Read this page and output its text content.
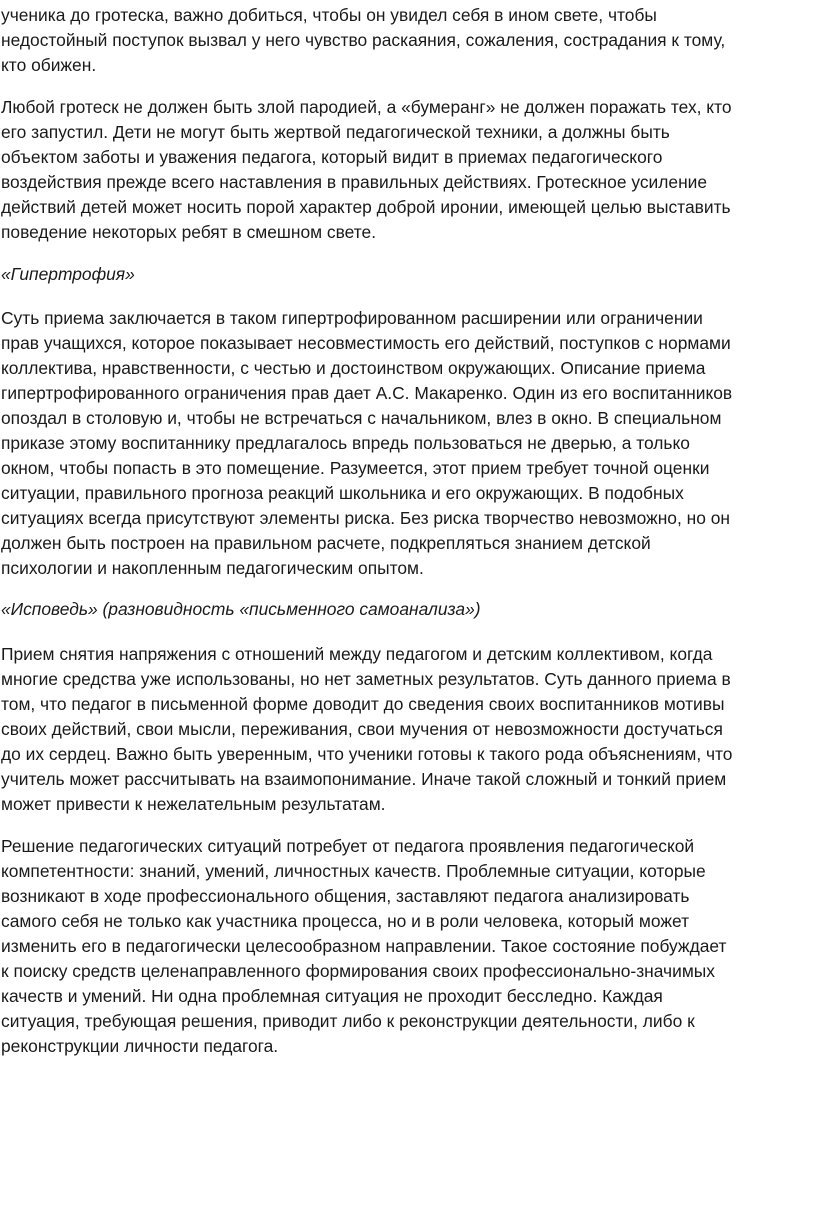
ученика до гротеска, важно добиться, чтобы он увидел себя в ином свете, чтобы
недостойный поступок вызвал у него чувство раскаяния, сожаления, сострадания к тому,
кто обижен.

Любой гротеск не должен быть злой пародией, а «бумеранг» не должен поражать тех, кто
его запустил. Дети не могут быть жертвой педагогической техники, а должны быть
объектом заботы и уважения педагога, который видит в приемах педагогического
воздействия прежде всего наставления в правильных действиях. Гротескное усиление
действий детей может носить порой характер доброй иронии, имеющей целью выставить
поведение некоторых ребят в смешном свете.

«Гипертрофия»

Суть приема заключается в таком гипертрофированном расширении или ограничении
прав учащихся, которое показывает несовместимость его действий, поступков с нормами
коллектива, нравственности, с честью и достоинством окружающих. Описание приема
гипертрофированного ограничения прав дает А.С. Макаренко. Один из его воспитанников
опоздал в столовую и, чтобы не встречаться с начальником, влез в окно. В специальном
приказе этому воспитаннику предлагалось впредь пользоваться не дверью, а только
окном, чтобы попасть в это помещение. Разумеется, этот прием требует точной оценки
ситуации, правильного прогноза реакций школьника и его окружающих. В подобных
ситуациях всегда присутствуют элементы риска. Без риска творчество невозможно, но он
должен быть построен на правильном расчете, подкрепляться знанием детской
психологии и накопленным педагогическим опытом.

«Исповедь» (разновидность «письменного самоанализа»)

Прием снятия напряжения с отношений между педагогом и детским коллективом, когда
многие средства уже использованы, но нет заметных результатов. Суть данного приема в
том, что педагог в письменной форме доводит до сведения своих воспитанников мотивы
своих действий, свои мысли, переживания, свои мучения от невозможности достучаться
до их сердец. Важно быть уверенным, что ученики готовы к такого рода объяснениям, что
учитель может рассчитывать на взаимопонимание. Иначе такой сложный и тонкий прием
может привести к нежелательным результатам.

Решение педагогических ситуаций потребует от педагога проявления педагогической
компетентности: знаний, умений, личностных качеств. Проблемные ситуации, которые
возникают в ходе профессионального общения, заставляют педагога анализировать
самого себя не только как участника процесса, но и в роли человека, который может
изменить его в педагогически целесообразном направлении. Такое состояние побуждает
к поиску средств целенаправленного формирования своих профессионально-значимых
качеств и умений. Ни одна проблемная ситуация не проходит бесследно. Каждая
ситуация, требующая решения, приводит либо к реконструкции деятельности, либо к
реконструкции личности педагога.
